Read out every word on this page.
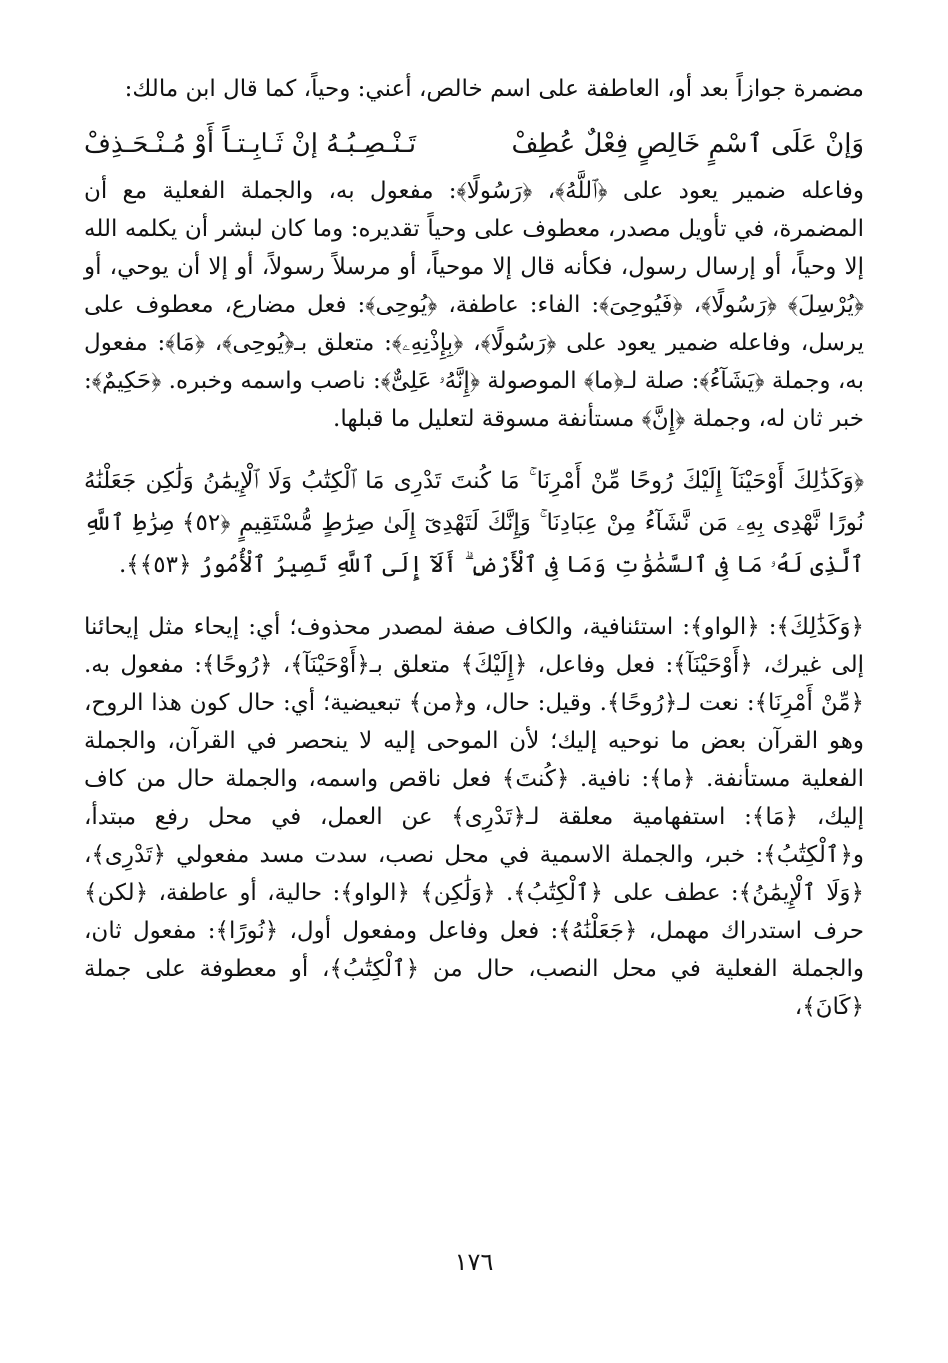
مضمرة جوازاً بعد أو، العاطفة على اسم خالص، أعني: وحياً، كما قال ابن مالك:

وَإنْ عَلَى ٱسْمٍ خَالِصٍ فِعْلٌ عُطِفْ
تَـنْـصِـبُـهُ إنْ ثَـابِـتـاً أَوْ مُـنْـحَـذِفْ

وفاعله ضمير يعود على ﴿ٱللَّهُ﴾، ﴿رَسُولًا﴾: مفعول به، والجملة الفعلية مع أن المضمرة، في تأويل مصدر، معطوف على وحياً تقديره: وما كان لبشر أن يكلمه الله إلا وحياً، أو إرسال رسول، فكأنه قال إلا موحياً، أو مرسلاً رسولاً، أو إلا أن يوحي، أو ﴿يُرْسِلَ﴾ ﴿رَسُولًا﴾، ﴿فَيُوحِىَ﴾: الفاء: عاطفة، ﴿يُوحِى﴾: فعل مضارع، معطوف على يرسل، وفاعله ضمير يعود على ﴿رَسُولًا﴾، ﴿بِإِذْنِهِۦ﴾: متعلق بـ﴿يُوحِى﴾، ﴿مَا﴾: مفعول به، وجملة ﴿يَشَآءُ﴾: صلة لـ﴿ما﴾ الموصولة ﴿إِنَّهُۥ عَلِىٌّ﴾: ناصب واسمه وخبره. ﴿حَكِيمٌ﴾: خبر ثان له، وجملة ﴿إِنَّ﴾ مستأنفة مسوقة لتعليل ما قبلها.

﴿وَكَذَٰلِكَ أَوْحَيْنَآ إِلَيْكَ رُوحًا مِّنْ أَمْرِنَا ۚ مَا كُنتَ تَدْرِى مَا ٱلْكِتَٰبُ وَلَا ٱلْإِيمَٰنُ وَلَٰكِن جَعَلْنَٰهُ نُورًا نَّهْدِى بِهِۦ مَن نَّشَآءُ مِنْ عِبَادِنَا ۚ وَإِنَّكَ لَتَهْدِىٓ إِلَىٰ صِرَٰطٍ مُّسْتَقِيمٍ ﴿٥٢﴾ صِرَٰطِ ٱللَّهِ ٱلَّذِى لَهُۥ مَا فِى ٱلسَّمَٰوَٰتِ وَمَا فِى ٱلْأَرْضِ ۗ أَلَآ إِلَى ٱللَّهِ تَصِيرُ ٱلْأُمُورُ ﴿٥٣﴾﴾.

﴿وَكَذَٰلِكَ﴾: ﴿الواو﴾: استئنافية، والكاف صفة لمصدر محذوف؛ أي: إيحاء مثل إيحائنا إلى غيرك، ﴿أَوْحَيْنَآ﴾: فعل وفاعل، ﴿إِلَيْكَ﴾ متعلق بـ﴿أَوْحَيْنَآ﴾، ﴿رُوحًا﴾: مفعول به. ﴿مِّنْ أَمْرِنَا﴾: نعت لـ﴿رُوحًا﴾. وقيل: حال، و﴿من﴾ تبعيضية؛ أي: حال كون هذا الروح، وهو القرآن بعض ما نوحيه إليك؛ لأن الموحى إليه لا ينحصر في القرآن، والجملة الفعلية مستأنفة. ﴿ما﴾: نافية. ﴿كُنتَ﴾ فعل ناقص واسمه، والجملة حال من كاف إليك، ﴿مَا﴾: استفهامية معلقة لـ﴿تَدْرِى﴾ عن العمل، في محل رفع مبتدأ، و﴿ٱلْكِتَٰبُ﴾: خبر، والجملة الاسمية في محل نصب، سدت مسد مفعولي ﴿تَدْرِى﴾، ﴿وَلَا ٱلْإِيمَٰنُ﴾: عطف على ﴿ٱلْكِتَٰبُ﴾. ﴿وَلَٰكِن﴾ ﴿الواو﴾: حالية، أو عاطفة، ﴿لكن﴾ حرف استدراك مهمل، ﴿جَعَلْنَٰهُ﴾: فعل وفاعل ومفعول أول، ﴿نُورًا﴾: مفعول ثان، والجملة الفعلية في محل النصب، حال من ﴿ٱلْكِتَٰبُ﴾، أو معطوفة على جملة ﴿كَانَ﴾،

١٧٦
